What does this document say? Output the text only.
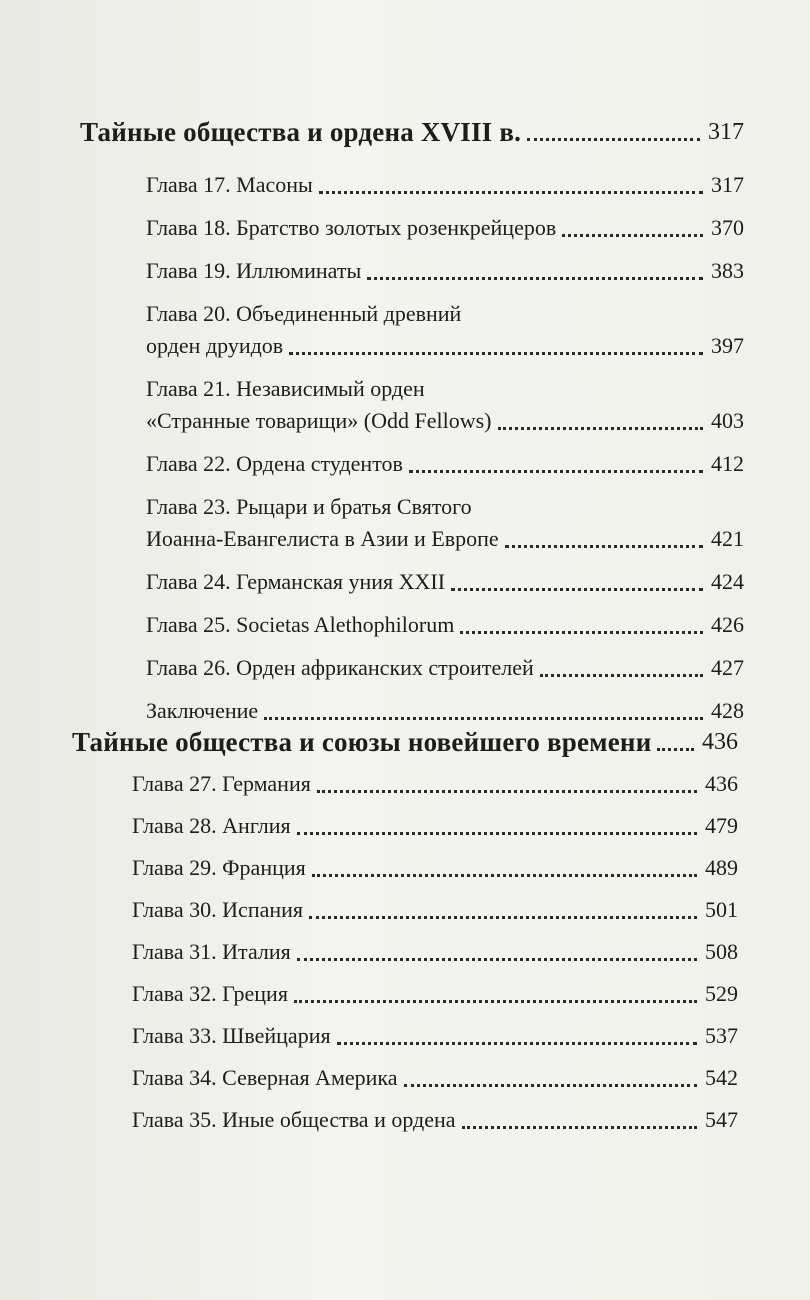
Тайные общества и ордена XVIII в.	317
Глава 17. Масоны	317
Глава 18. Братство золотых розенкрейцеров	370
Глава 19. Иллюминаты	383
Глава 20. Объединенный древний
орден друидов	397
Глава 21. Независимый орден
«Странные товарищи» (Odd Fellows)	403
Глава 22. Ордена студентов	412
Глава 23. Рыцари и братья Святого
Иоанна-Евангелиста в Азии и Европе	421
Глава 24. Германская уния XXII	424
Глава 25. Societas Alethophilorum	426
Глава 26. Орден африканских строителей	427
Заключение	428
Тайные общества и союзы новейшего времени 436
Глава 27. Германия	436
Глава 28. Англия	479
Глава 29. Франция	489
Глава 30. Испания	501
Глава 31. Италия	508
Глава 32. Греция	529
Глава 33. Швейцария	537
Глава 34. Северная Америка	542
Глава 35. Иные общества и ордена	547
